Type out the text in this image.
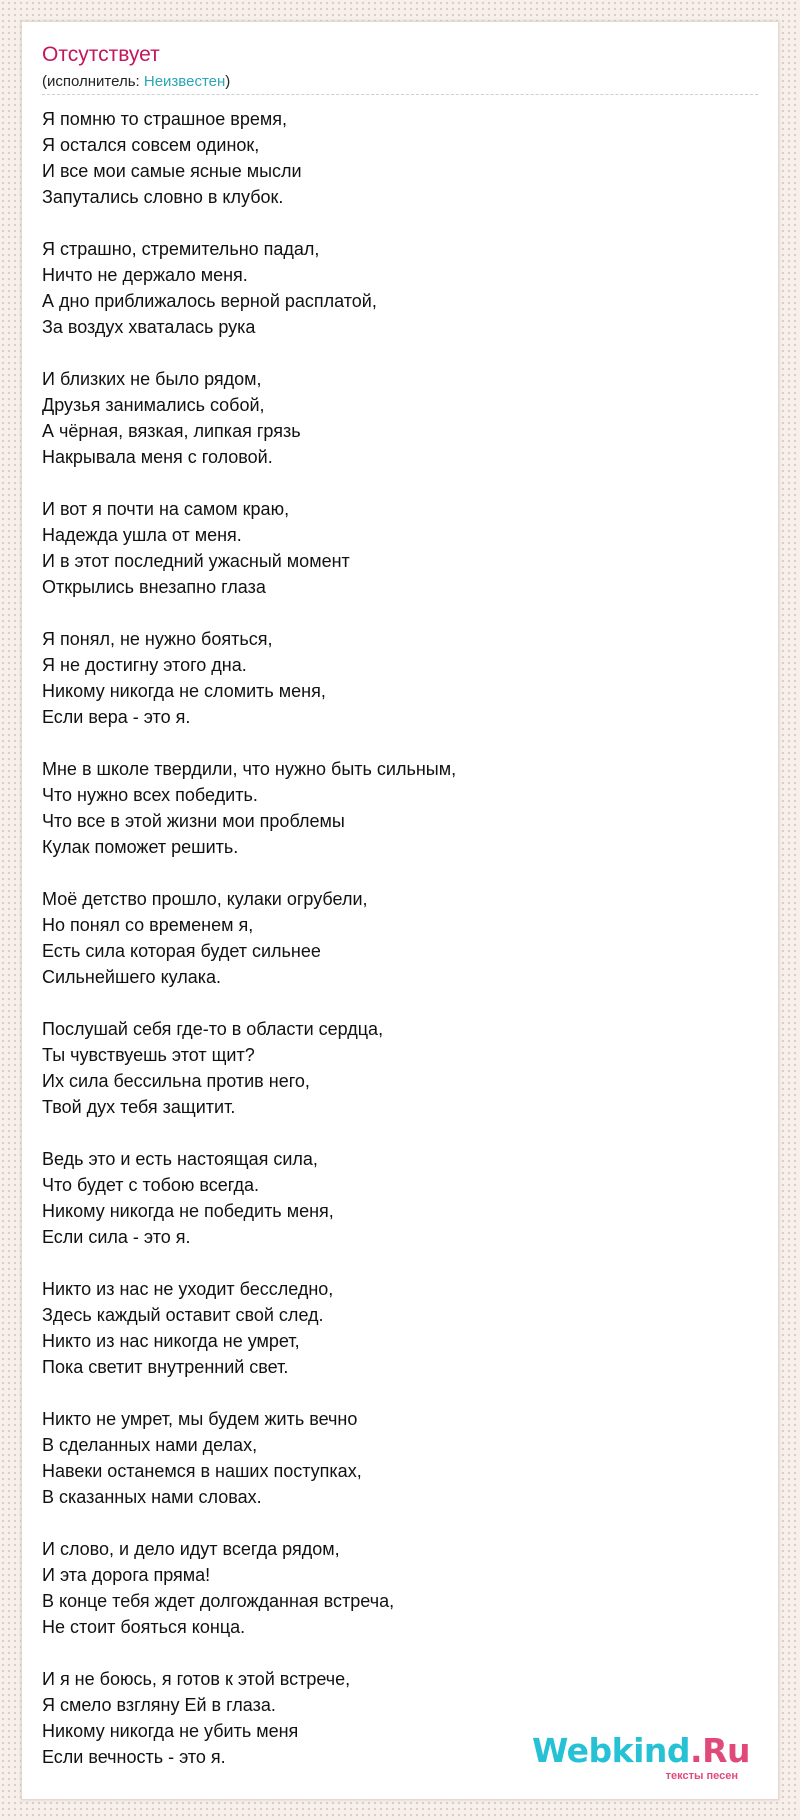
Отсутствует
(исполнитель: Неизвестен)
Я помню то страшное время,
Я остался совсем одинок,
И все мои самые ясные мысли
Запутались словно в клубок.
Я страшно, стремительно падал,
Ничто не держало меня.
А дно приближалось верной расплатой,
За воздух хваталась рука
И близких не было рядом,
Друзья занимались собой,
А чёрная, вязкая, липкая грязь
Накрывала меня с головой.
И вот я почти на самом краю,
Надежда ушла от меня.
И в этот последний ужасный момент
Открылись внезапно глаза
Я понял, не нужно бояться,
Я не достигну этого дна.
Никому никогда не сломить меня,
Если вера - это я.
Мне в школе твердили, что нужно быть сильным,
Что нужно всех победить.
Что все в этой жизни мои проблемы
Кулак поможет решить.
Моё детство прошло, кулаки огрубели,
Но понял со временем я,
Есть сила которая будет сильнее
Сильнейшего кулака.
Послушай себя где-то в области сердца,
Ты чувствуешь этот щит?
Их сила бессильна против него,
Твой дух тебя защитит.
Ведь это и есть настоящая сила,
Что будет с тобою всегда.
Никому никогда не победить меня,
Если сила - это я.
Никто из нас не уходит бесследно,
Здесь каждый оставит свой след.
Никто из нас никогда не умрет,
Пока светит внутренний свет.
Никто не умрет, мы будем жить вечно
В сделанных нами делах,
Навеки останемся в наших поступках,
В сказанных нами словах.
И слово, и дело идут всегда рядом,
И эта дорога пряма!
В конце тебя ждет долгожданная встреча,
Не стоит бояться конца.
И я не боюсь, я готов к этой встрече,
Я смело взгляну Ей в глаза.
Никому никогда не убить меня
Если вечность - это я.	Webkind.Ru
тексты песен
